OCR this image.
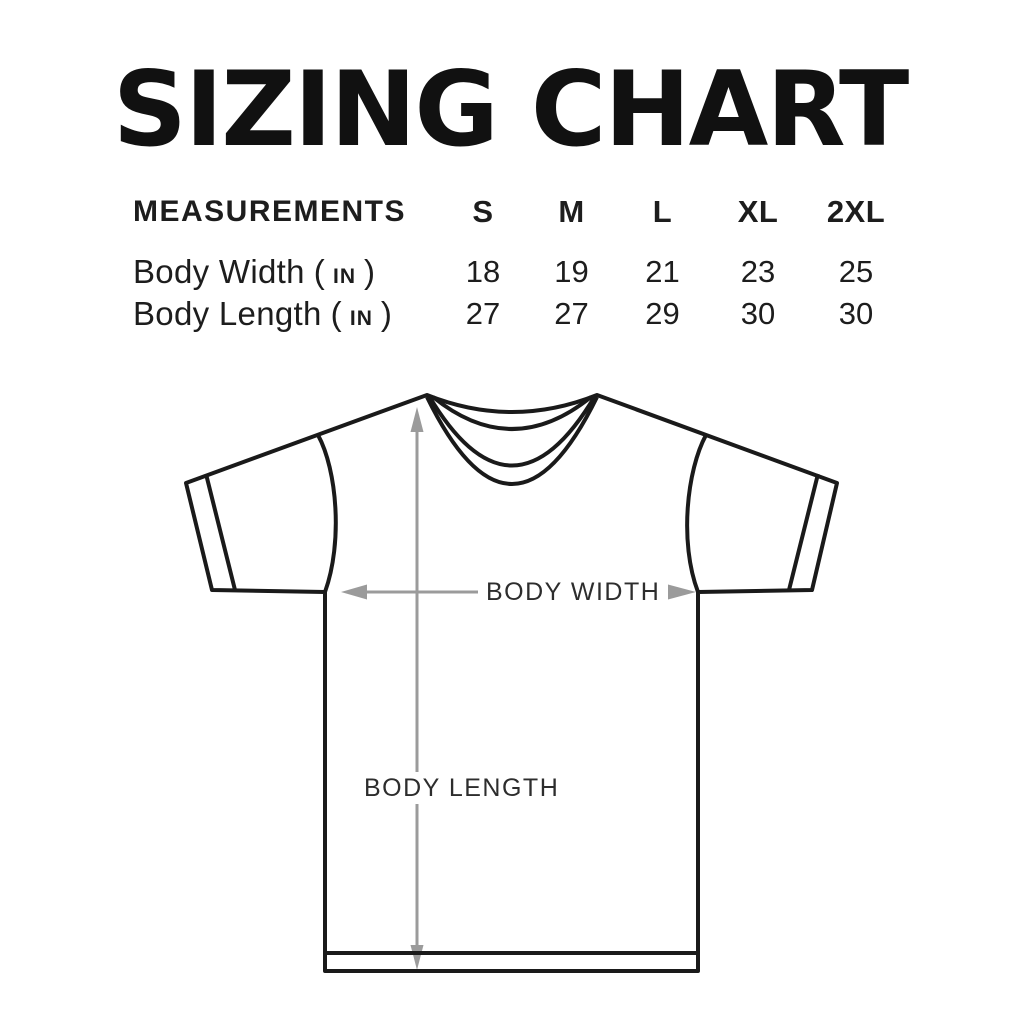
SIZING CHART
MEASUREMENTS	S	M	L	XL	2XL
Body Width ( IN )	18	19	21	23	25
Body Length ( IN )	27	27	29	30	30
BODY WIDTH
BODY LENGTH
